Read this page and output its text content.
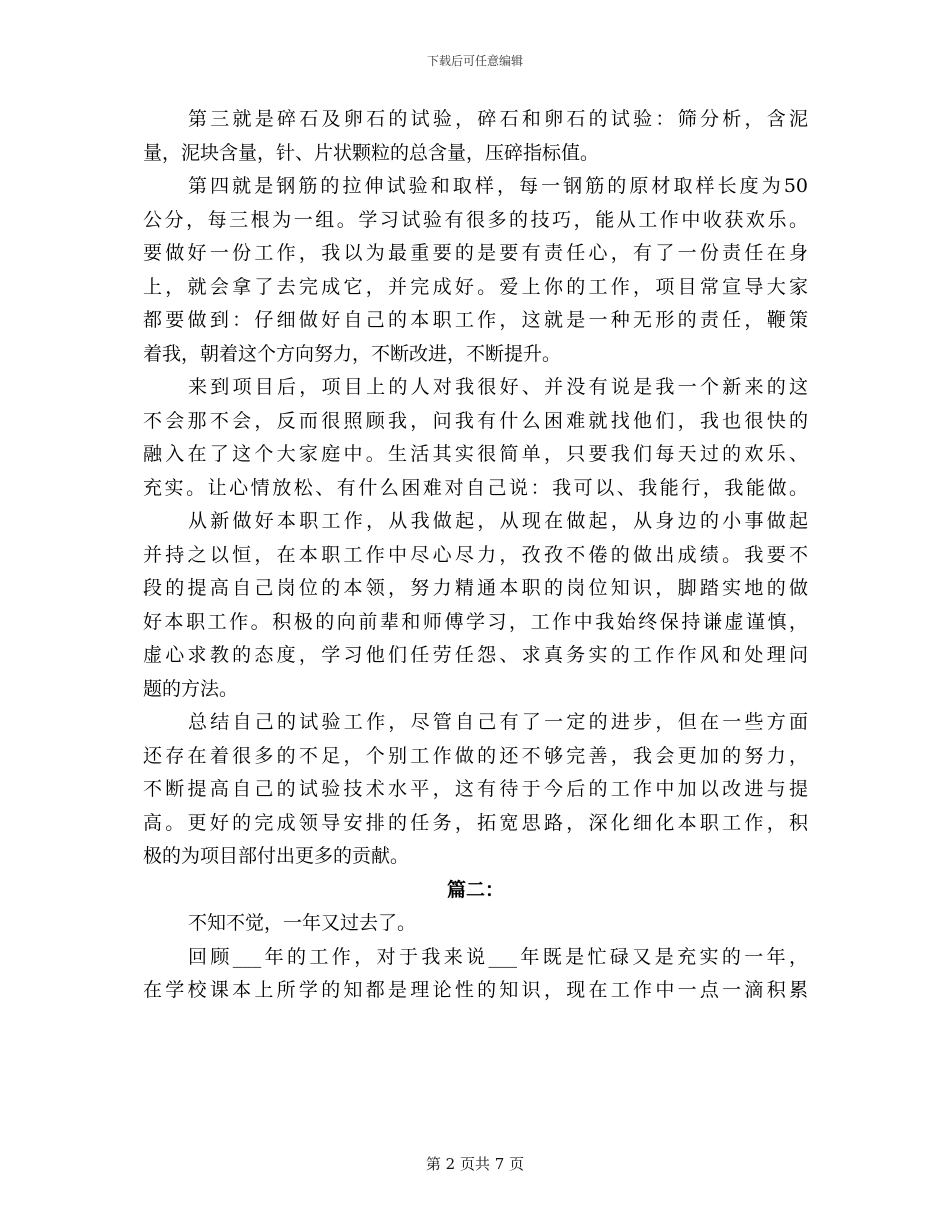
下载后可任意编辑
第三就是碎石及卵石的试验，碎石和卵石的试验：筛分析，含泥
量，泥块含量，针、片状颗粒的总含量，压碎指标值。
第四就是钢筋的拉伸试验和取样，每一钢筋的原材取样长度为50
公分，每三根为一组。学习试验有很多的技巧，能从工作中收获欢乐。
要做好一份工作，我以为最重要的是要有责任心，有了一份责任在身
上，就会拿了去完成它，并完成好。爱上你的工作，项目常宣导大家
都要做到：仔细做好自己的本职工作，这就是一种无形的责任，鞭策
着我，朝着这个方向努力，不断改进，不断提升。
来到项目后，项目上的人对我很好、并没有说是我一个新来的这
不会那不会，反而很照顾我，问我有什么困难就找他们，我也很快的
融入在了这个大家庭中。生活其实很简单，只要我们每天过的欢乐、
充实。让心情放松、有什么困难对自己说：我可以、我能行，我能做。
从新做好本职工作，从我做起，从现在做起，从身边的小事做起
并持之以恒，在本职工作中尽心尽力，孜孜不倦的做出成绩。我要不
段的提高自己岗位的本领，努力精通本职的岗位知识，脚踏实地的做
好本职工作。积极的向前辈和师傅学习，工作中我始终保持谦虚谨慎，
虚心求教的态度，学习他们任劳任怨、求真务实的工作作风和处理问
题的方法。
总结自己的试验工作，尽管自己有了一定的进步，但在一些方面
还存在着很多的不足，个别工作做的还不够完善，我会更加的努力，
不断提高自己的试验技术水平，这有待于今后的工作中加以改进与提
高。更好的完成领导安排的任务，拓宽思路，深化细化本职工作，积
极的为项目部付出更多的贡献。
篇二：
不知不觉，一年又过去了。
回顾___年的工作，对于我来说___年既是忙碌又是充实的一年，
在学校课本上所学的知都是理论性的知识，现在工作中一点一滴积累
第 2 页共 7 页
